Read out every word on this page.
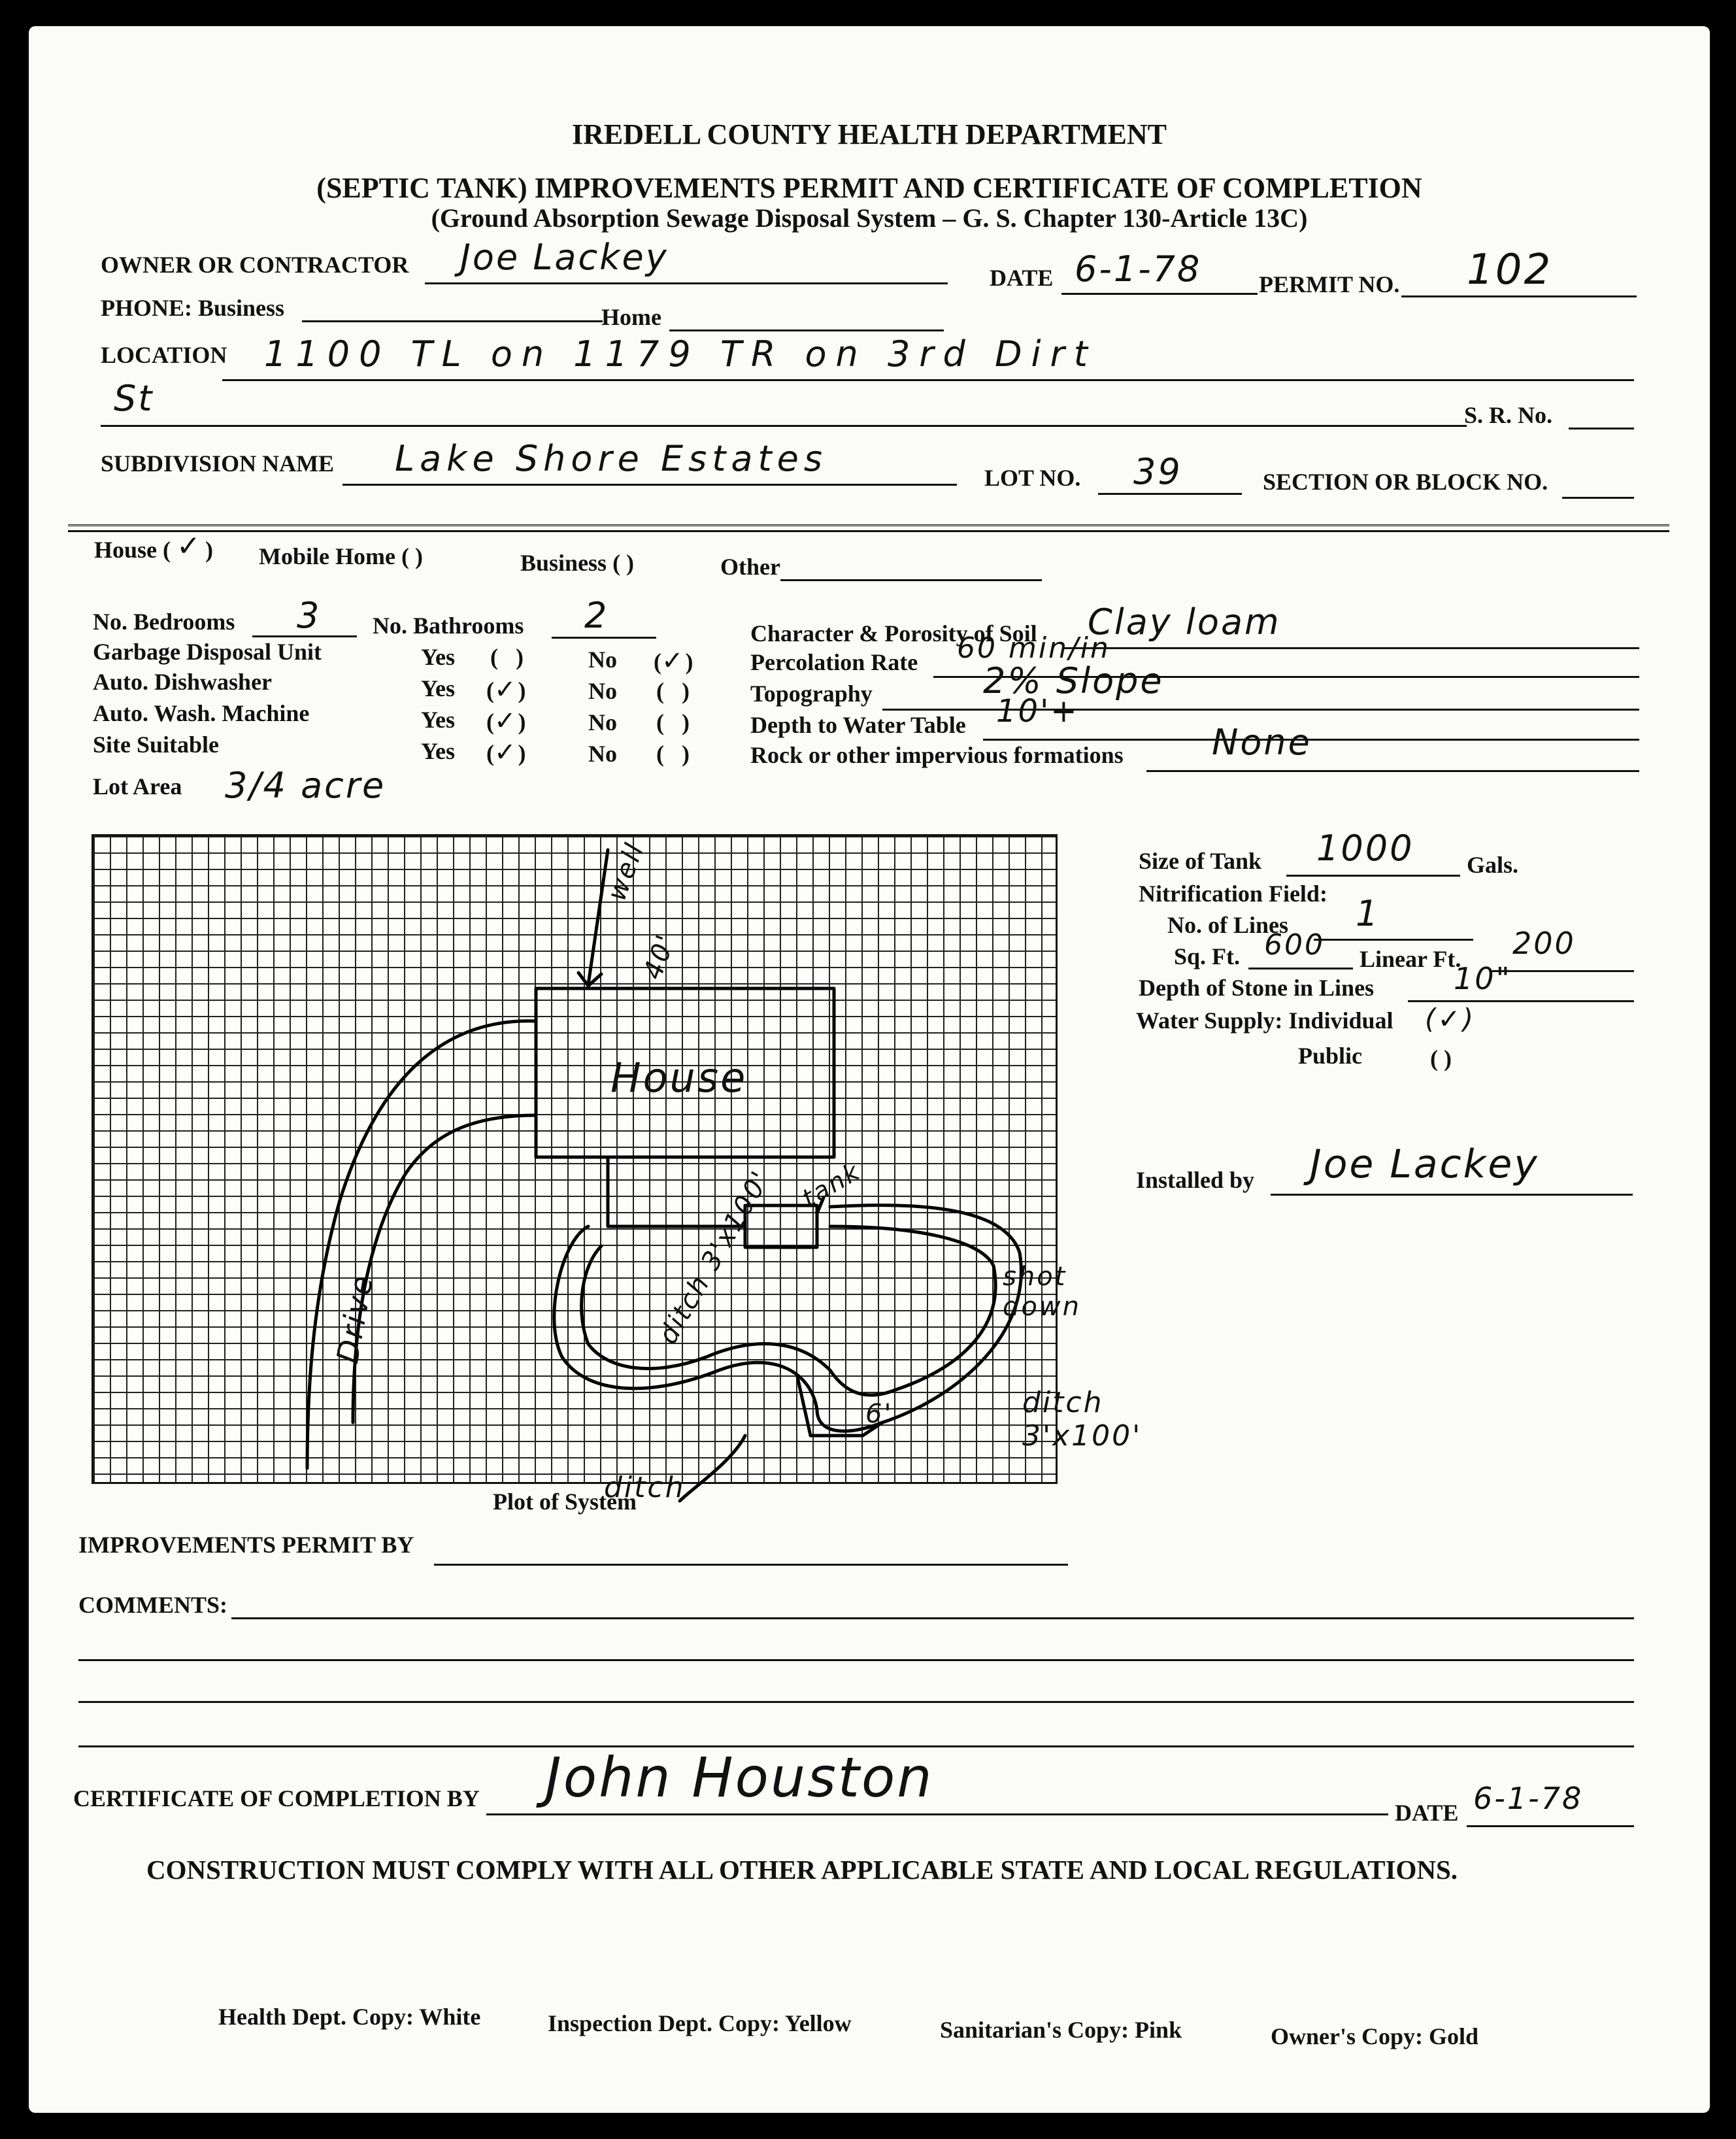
IREDELL COUNTY HEALTH DEPARTMENT
(SEPTIC TANK) IMPROVEMENTS PERMIT AND CERTIFICATE OF COMPLETION
(Ground Absorption Sewage Disposal System – G. S. Chapter 130-Article 13C)
OWNER OR CONTRACTOR Joe Lackey	DATE 6-1-78 PERMIT NO. 102
PHONE: Business	Home
LOCATION 1100 TL on 1179 TR on 3rd Dirt
St	S. R. No.
SUBDIVISION NAME Lake Shore Estates	LOT NO. 39	SECTION OR BLOCK NO.
House ( ✓ ) Mobile Home ( )	Business ( )	Other
No. Bedrooms 3 No. Bathrooms 2
Garbage Disposal Unit	Yes ( )	No (✓)
Auto. Dishwasher	Yes (✓)	No ( )
Auto. Wash. Machine	Yes (✓)	No ( )
Site Suitable	Yes (✓)	No ( )
Lot Area 3/4 acre
Character & Porosity of Soil Clay loam
Percolation Rate 60 min/in
Topography	2% Slope
Depth to Water Table 10'+
Rock or other impervious formations	None
House
well
40'
tank
ditch 3'x100'
Drive	shot down
ditch 3'x100'
6'
Plot of System
ditch
Size of Tank 1000 Gals.
Nitrification Field:
No. of Lines 1
Sq. Ft. 600 Linear Ft. 200
Depth of Stone in Lines	10"
Water Supply: Individual (✓)
Public	( )
Installed by Joe Lackey
IMPROVEMENTS PERMIT BY
COMMENTS:
CERTIFICATE OF COMPLETION BY John Houston
DATE 6-1-78
CONSTRUCTION MUST COMPLY WITH ALL OTHER APPLICABLE STATE AND LOCAL REGULATIONS.
Health Dept. Copy: White	Inspection Dept. Copy: Yellow	Sanitarian's Copy: Pink	Owner's Copy: Gold
